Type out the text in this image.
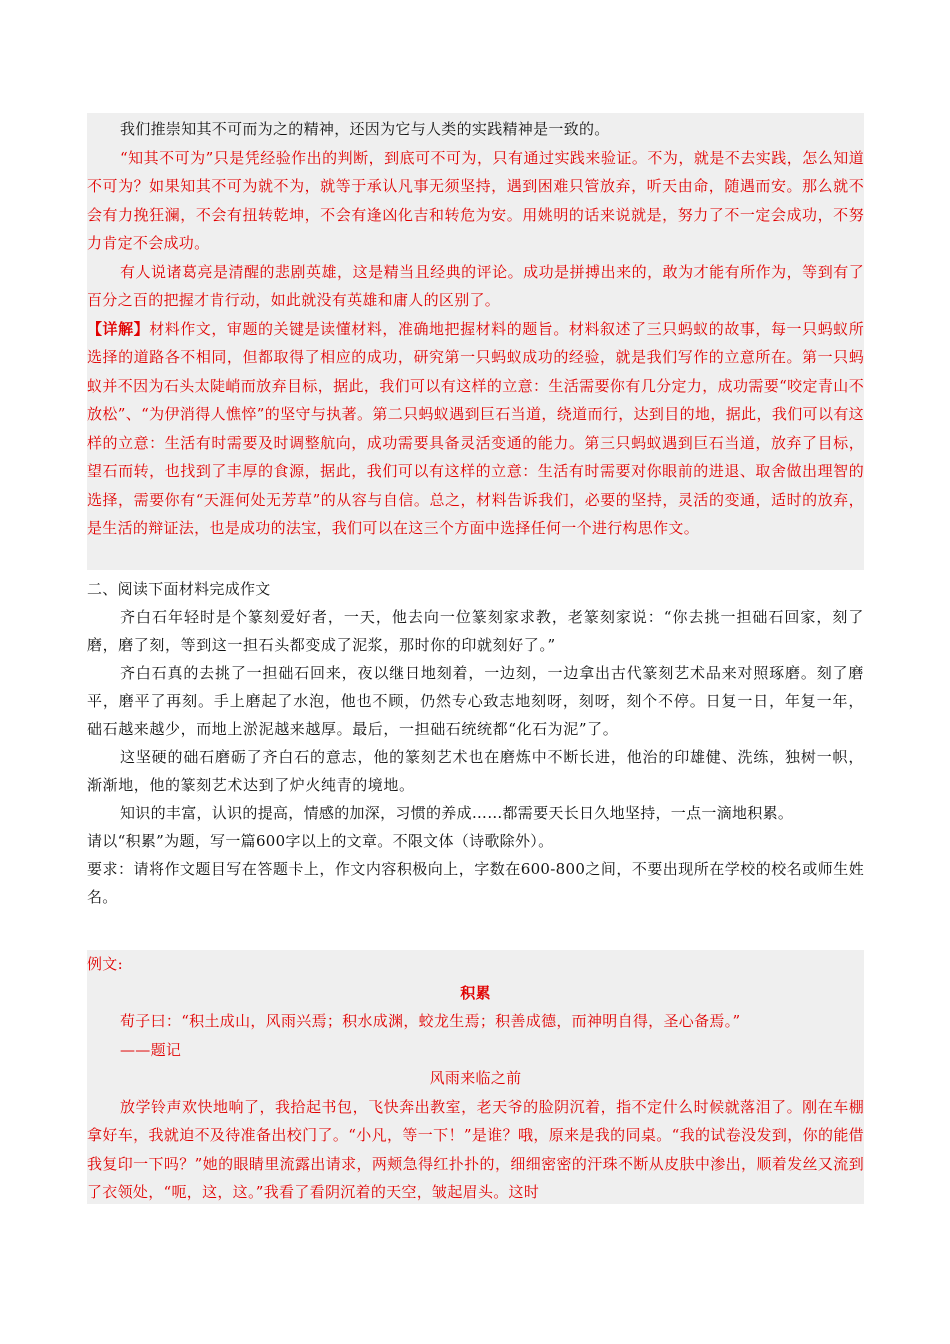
我们推崇知其不可而为之的精神，还因为它与人类的实践精神是一致的。

“知其不可为”只是凭经验作出的判断，到底可不可为，只有通过实践来验证。不为，就是不去实践，怎么知道不可为？如果知其不可为就不为，就等于承认凡事无须坚持，遇到困难只管放弃，听天由命，随遇而安。那么就不会有力挽狂澜，不会有扭转乾坤，不会有逢凶化吉和转危为安。用姚明的话来说就是，努力了不一定会成功，不努力肯定不会成功。

有人说诸葛亮是清醒的悲剧英雄，这是精当且经典的评论。成功是拼搏出来的，敢为才能有所作为，等到有了百分之百的把握才肯行动，如此就没有英雄和庸人的区别了。

【详解】材料作文，审题的关键是读懂材料，准确地把握材料的题旨。材料叙述了三只蚂蚁的故事，每一只蚂蚁所选择的道路各不相同，但都取得了相应的成功，研究第一只蚂蚁成功的经验，就是我们写作的立意所在。第一只蚂蚁并不因为石头太陡峭而放弃目标，据此，我们可以有这样的立意：生活需要你有几分定力，成功需要“咬定青山不放松”、“为伊消得人憔悴”的坚守与执著。第二只蚂蚁遇到巨石当道，绕道而行，达到目的地，据此，我们可以有这样的立意：生活有时需要及时调整航向，成功需要具备灵活变通的能力。第三只蚂蚁遇到巨石当道，放弃了目标，望石而转，也找到了丰厚的食源，据此，我们可以有这样的立意：生活有时需要对你眼前的进退、取舍做出理智的选择，需要你有“天涯何处无芳草”的从容与自信。总之，材料告诉我们，必要的坚持，灵活的变通，适时的放弃，是生活的辩证法，也是成功的法宝，我们可以在这三个方面中选择任何一个进行构思作文。

二、阅读下面材料完成作文

齐白石年轻时是个篆刻爱好者，一天，他去向一位篆刻家求教，老篆刻家说：“你去挑一担础石回家，刻了磨，磨了刻，等到这一担石头都变成了泥浆，那时你的印就刻好了。”

齐白石真的去挑了一担础石回来，夜以继日地刻着，一边刻，一边拿出古代篆刻艺术品来对照琢磨。刻了磨平，磨平了再刻。手上磨起了水泡，他也不顾，仍然专心致志地刻呀，刻呀，刻个不停。日复一日，年复一年，础石越来越少，而地上淤泥越来越厚。最后，一担础石统统都“化石为泥”了。

这坚硬的础石磨砺了齐白石的意志，他的篆刻艺术也在磨炼中不断长进，他治的印雄健、洗练，独树一帜，渐渐地，他的篆刻艺术达到了炉火纯青的境地。

知识的丰富，认识的提高，情感的加深，习惯的养成……都需要天长日久地坚持，一点一滴地积累。

请以“积累”为题，写一篇600字以上的文章。不限文体（诗歌除外）。

要求：请将作文题目写在答题卡上，作文内容积极向上，字数在600-800之间，不要出现所在学校的校名或师生姓名。

例文:

积累

荀子曰：“积土成山，风雨兴焉；积水成渊，蛟龙生焉；积善成德，而神明自得，圣心备焉。”

——题记

风雨来临之前

放学铃声欢快地响了，我拾起书包，飞快奔出教室，老天爷的脸阴沉着，指不定什么时候就落泪了。刚在车棚拿好车，我就迫不及待准备出校门了。“小凡，等一下！”是谁？哦，原来是我的同桌。“我的试卷没发到，你的能借我复印一下吗？”她的眼睛里流露出请求，两颊急得红扑扑的，细细密密的汗珠不断从皮肤中渗出，顺着发丝又流到了衣领处，“呃，这，这。”我看了看阴沉着的天空，皱起眉头。这时
